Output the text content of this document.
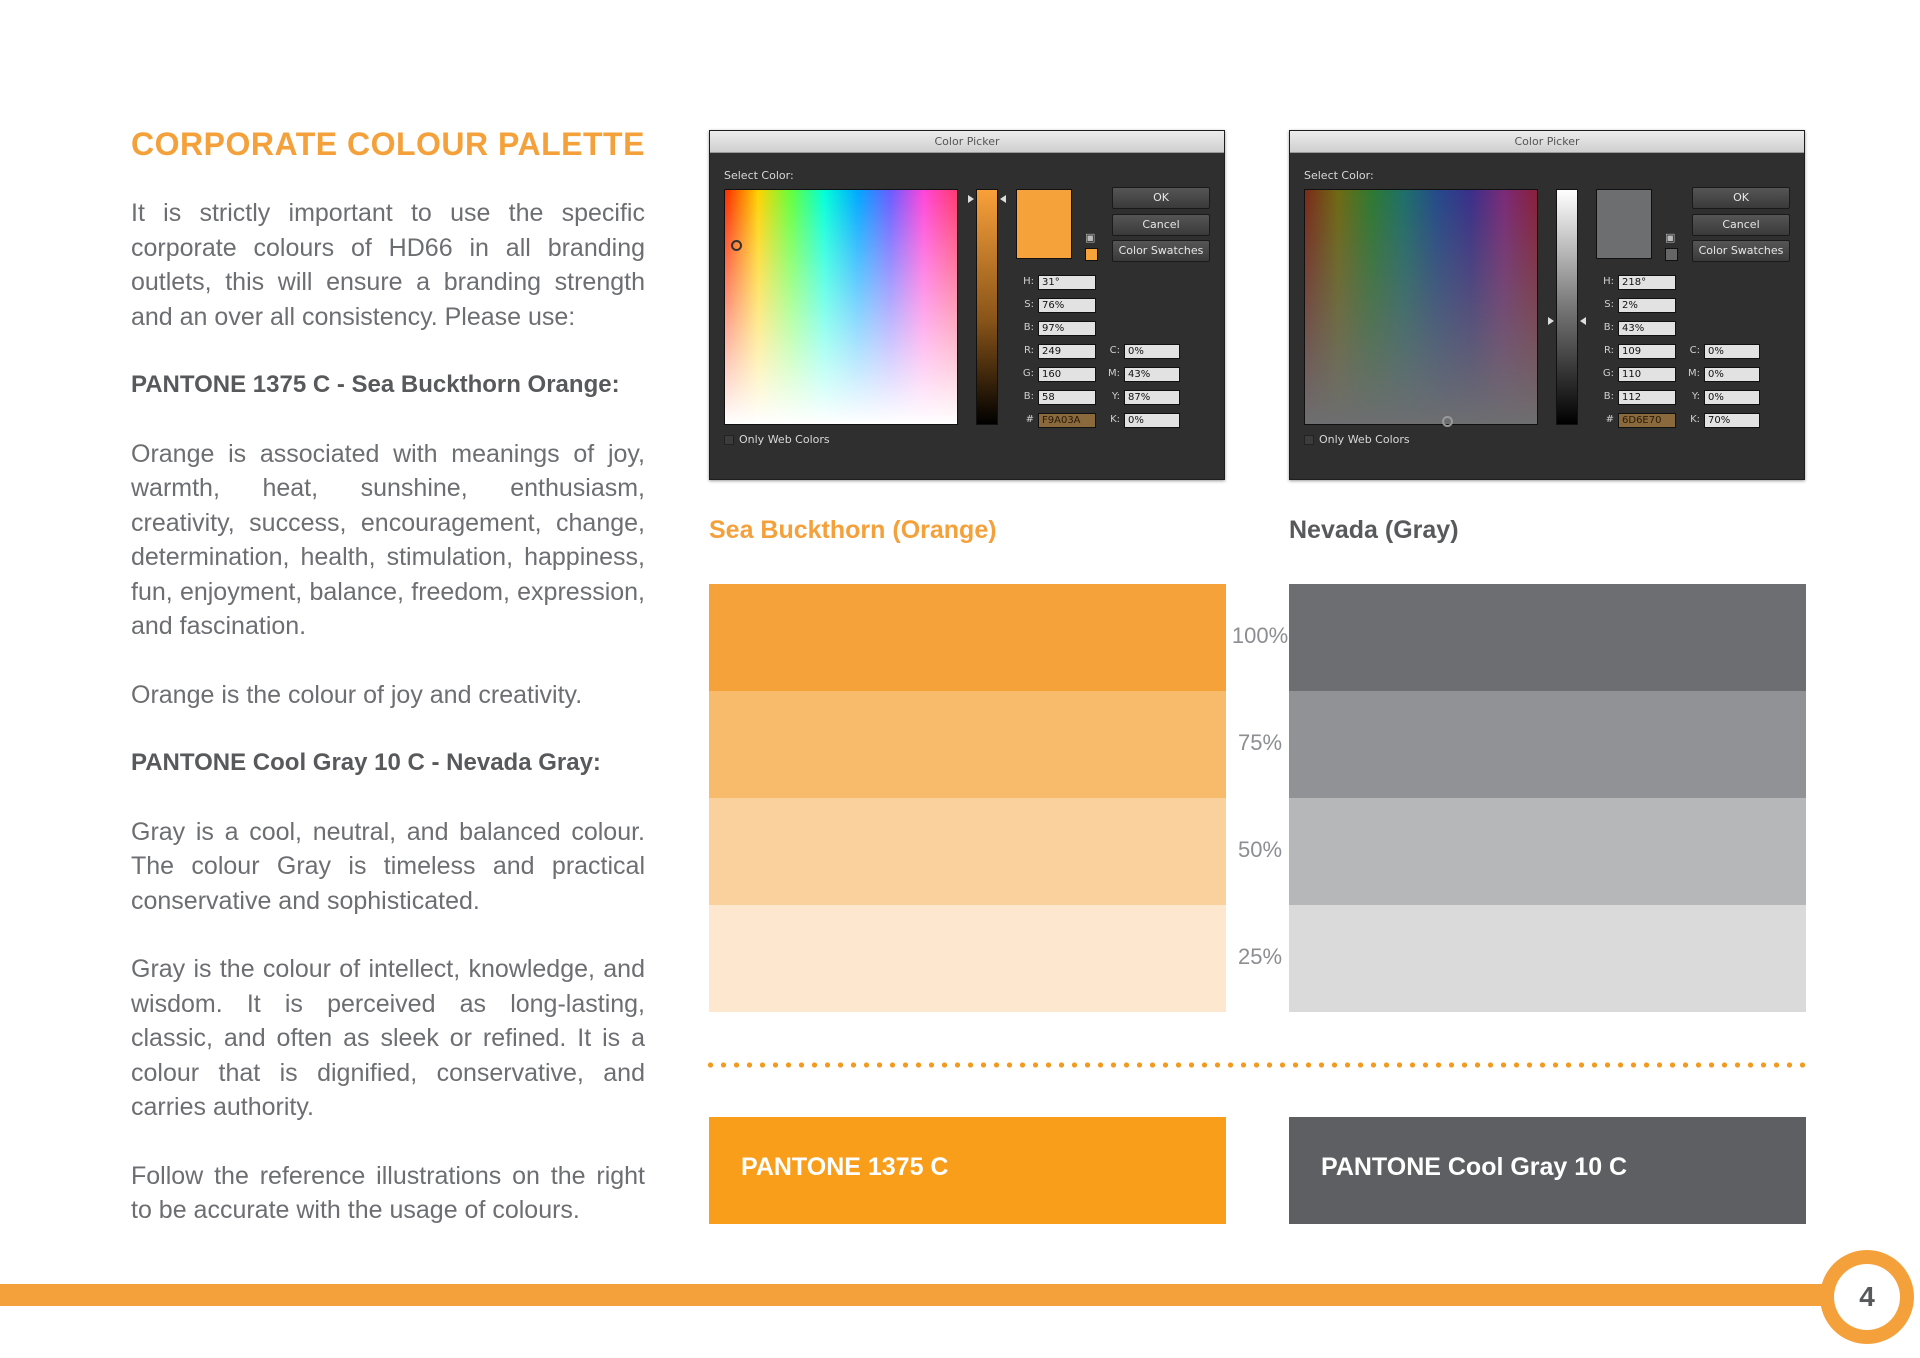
CORPORATE COLOUR PALETTE

It is strictly important to use the specific corporate colours of HD66 in all branding outlets, this will ensure a branding strength and an over all consistency. Please use:

PANTONE 1375 C - Sea Buckthorn Orange:

Orange is associated with meanings of joy, warmth, heat, sunshine, enthusiasm, creativity, success, encouragement, change, determination, health, stimulation, happiness, fun, enjoyment, balance, freedom, expression, and fascination.

Orange is the colour of joy and creativity.

PANTONE Cool Gray 10 C - Nevada Gray:

Gray is a cool, neutral, and balanced colour. The colour Gray is timeless and practical conservative and sophisticated.

Gray is the colour of intellect, knowledge, and wisdom. It is perceived as long-lasting, classic, and often as sleek or refined. It is a colour that is dignified, conservative, and carries authority.

Follow the reference illustrations on the right to be accurate with the usage of colours.

Color Picker
Select Color:
▣
OK
Cancel
Color Swatches
H: 31°
S: 76%
B: 97%
R: 249
G: 160
B: 58
# F9A03A
C: 0%
M: 43%
Y: 87%
K: 0%
Only Web Colors
Color Picker
Select Color:
▣
OK
Cancel
Color Swatches
H: 218°
S: 2%
B: 43%
R: 109
G: 110
B: 112
# 6D6E70
C: 0%
M: 0%
Y: 0%
K: 70%
Only Web Colors
Sea Buckthorn (Orange)	Nevada (Gray)
100%
75%
50%
25%
PANTONE 1375 C	PANTONE Cool Gray 10 C
4
